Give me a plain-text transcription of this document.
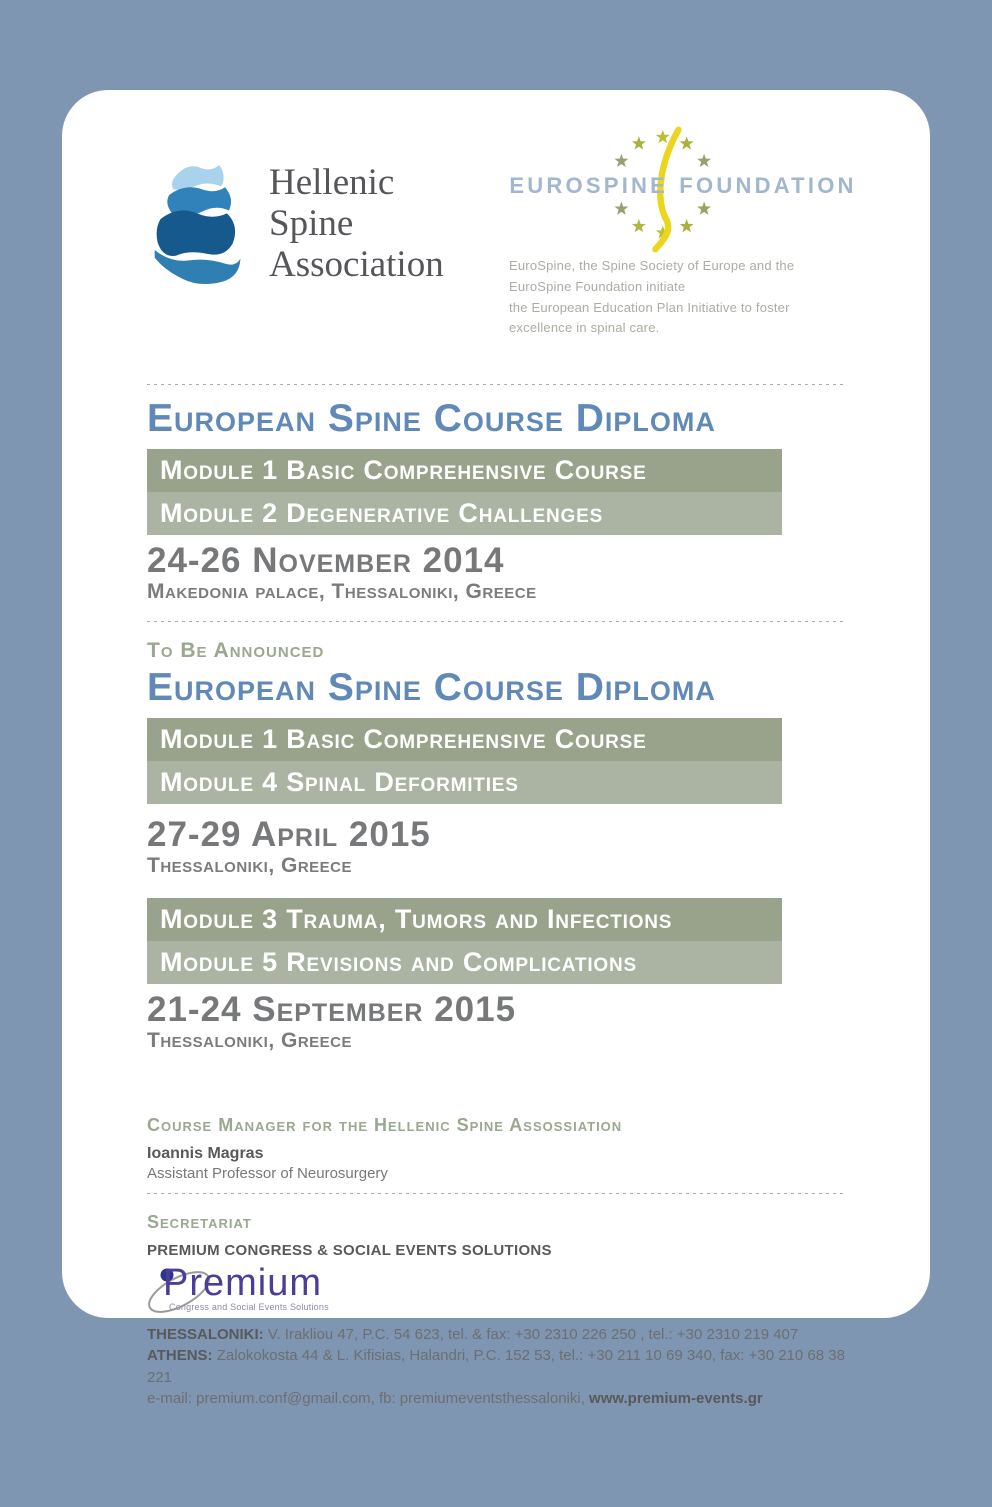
Hellenic
Spine
Association
EUROSPINE FOUNDATION
EuroSpine, the Spine Society of Europe and the EuroSpine Foundation initiate
the European Education Plan Initiative to foster excellence in spinal care.
European Spine Course Diploma
Module 1 Basic Comprehensive Course
Module 2 Degenerative Challenges
24-26 November 2014
Makedonia palace, Thessaloniki, Greece
To Be Announced
European Spine Course Diploma
Module 1 Basic Comprehensive Course
Module 4 Spinal Deformities
27-29 April 2015
Thessaloniki, Greece
Module 3 Trauma, Tumors and Infections
Module 5 Revisions and Complications
21-24 September 2015
Thessaloniki, Greece
Course Manager for the Hellenic Spine Assossiation
Ioannis Magras
Assistant Professor of Neurosurgery
Secretariat
PREMIUM CONGRESS & SOCIAL EVENTS SOLUTIONS
Premium
Congress and Social Events Solutions
THESSALONIKI: V. Irakliou 47, P.C. 54 623, tel. & fax: +30 2310 226 250 , tel.: +30 2310 219 407
ATHENS: Zalokokosta 44 & L. Kifisias, Halandri, P.C. 152 53, tel.: +30 211 10 69 340, fax: +30 210 68 38 221
e-mail: premium.conf@gmail.com, fb: premiumeventsthessaloniki, www.premium-events.gr
